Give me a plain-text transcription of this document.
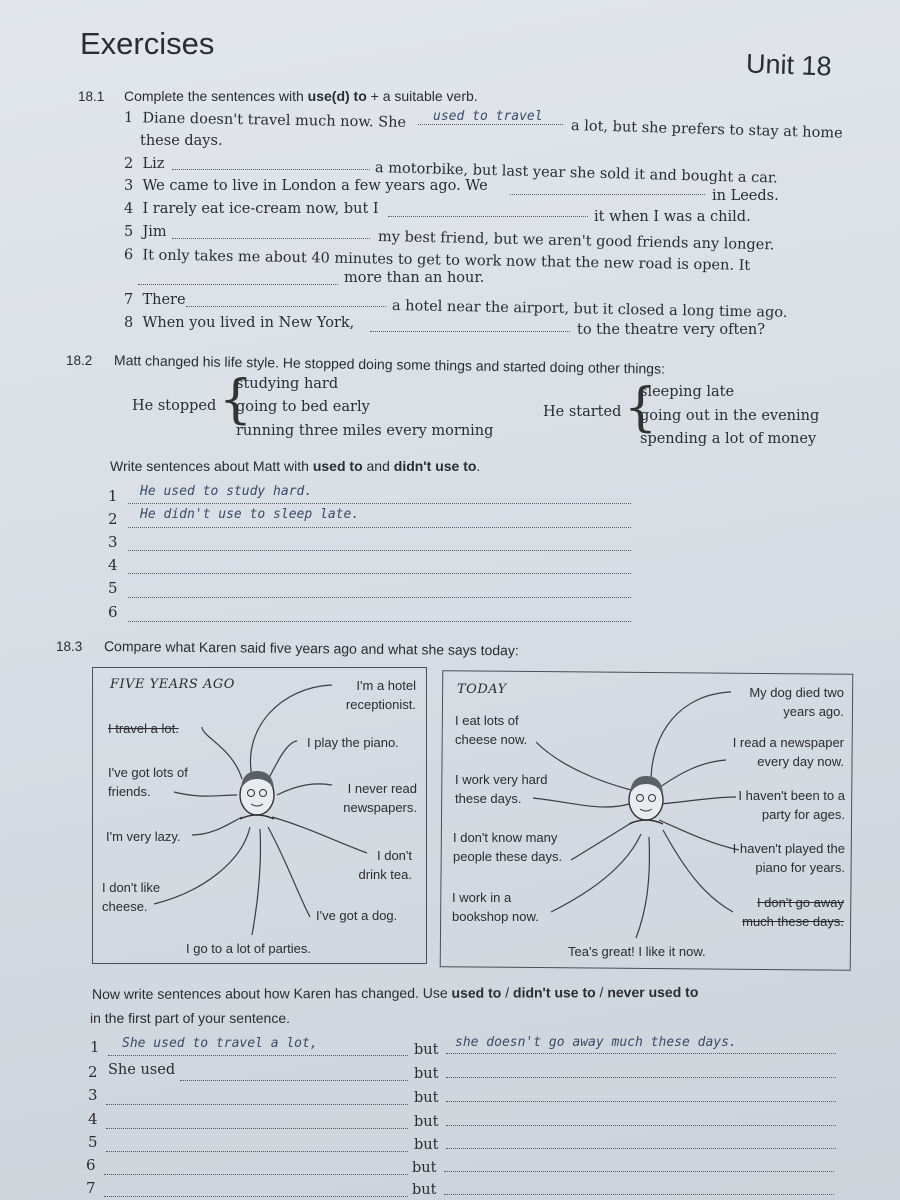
Exercises
Unit 18
18.1 Complete the sentences with use(d) to + a suitable verb.
1 Diane doesn't travel much now. She used to travel
a lot, but she prefers to stay at home
these days.
2 Liz	a motorbike, but last year she sold it and bought a car.
3 We came to live in London a few years ago. We
in Leeds.
4 I rarely eat ice-cream now, but I	it when I was a child.
5 Jim	my best friend, but we aren't good friends any longer.
6 It only takes me about 40 minutes to get to work now that the new road is open. It
more than an hour.
7 There	a hotel near the airport, but it closed a long time ago.
8 When you lived in New York,	to the theatre very often?
18.2 Matt changed his life style. He stopped doing some things and started doing other things:
He stopped {
studying hard
going to bed early
running three miles every morning
He started {
sleeping late
going out in the evening
spending a lot of money
Write sentences about Matt with used to and didn't use to.
1 He used to study hard.
2 He didn't use to sleep late.
3
4
5
6
18.3 Compare what Karen said five years ago and what she says today:
FIVE YEARS AGO	I'm a hotel receptionist.
I travel a lot.
I play the piano.
I've got lots of friends.	I never read newspapers.
I'm very lazy.
I don't drink tea.
I don't like cheese.
I've got a dog.
I go to a lot of parties.
TODAY	My dog died two years ago.
I eat lots of cheese now.	I read a newspaper every day now.
I work very hard these days.	I haven't been to a party for ages.
I don't know many people these days.
I haven't played the piano for years.
I work in a bookshop now.
I don't go away much these days.
Tea's great! I like it now.
Now write sentences about how Karen has changed. Use used to / didn't use to / never used to
in the first part of your sentence.
1 She used to travel a lot,	but she doesn't go away much these days.
2 She used	but
3	but
4	but
5	but
6	but
7	but
